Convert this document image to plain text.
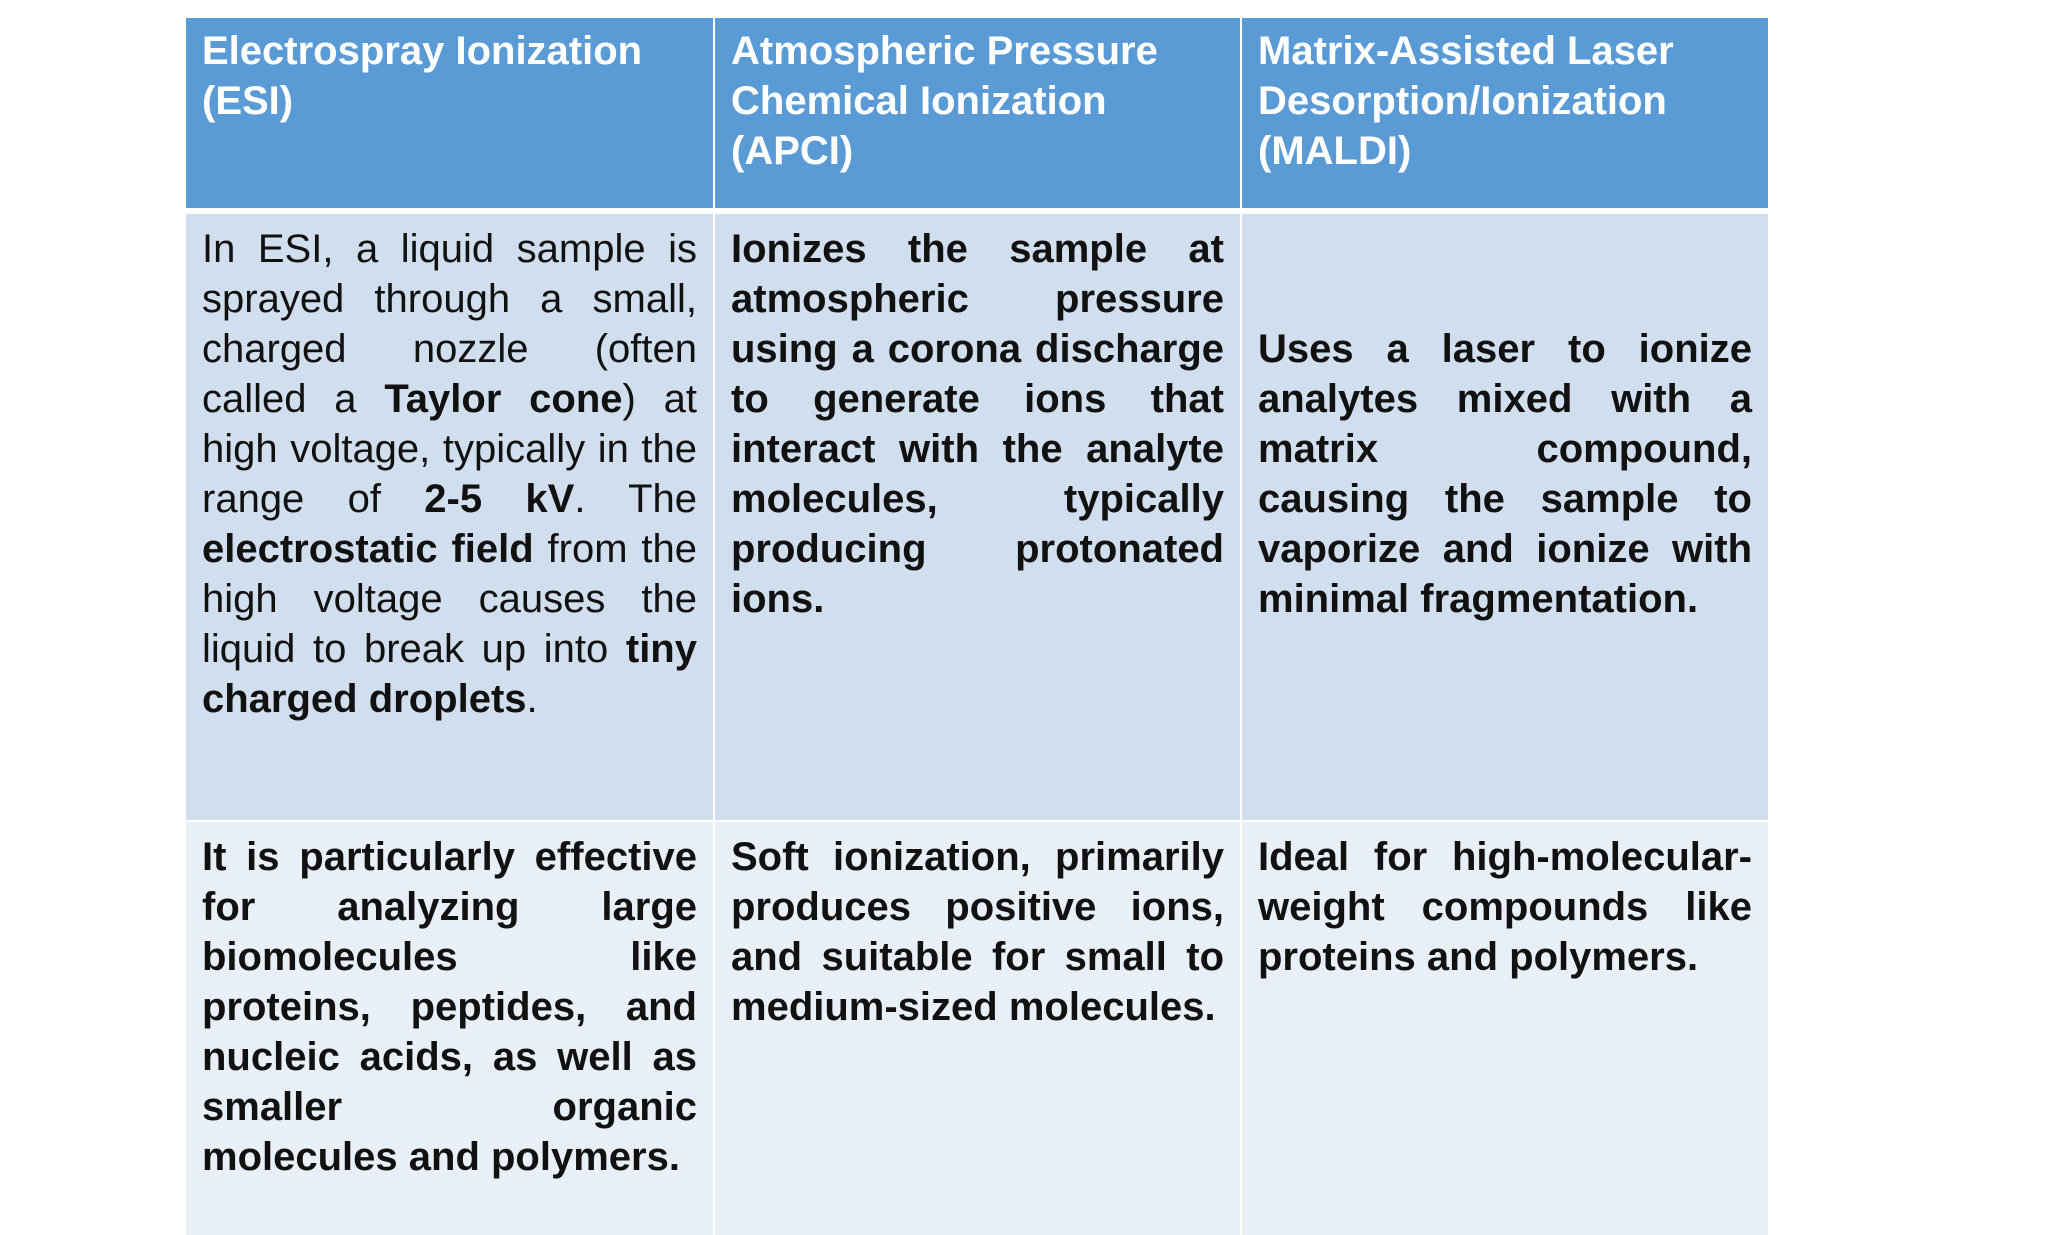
Electrospray Ionization (ESI)	Atmospheric Pressure Chemical Ionization (APCI)	Matrix-Assisted Laser Desorption/Ionization (MALDI)
In ESI, a liquid sample is sprayed through a small, charged nozzle (often called a Taylor cone) at high voltage, typically in the range of 2-5 kV. The electrostatic field from the high voltage causes the liquid to break up into tiny charged droplets.	Ionizes the sample at atmospheric pressure using a corona discharge to generate ions that interact with the analyte molecules, typically producing protonated ions.	Uses a laser to ionize analytes mixed with a matrix compound, causing the sample to vaporize and ionize with minimal fragmentation.
It is particularly effective for analyzing large biomolecules like proteins, peptides, and nucleic acids, as well as smaller organic molecules and polymers.	Soft ionization, primarily produces positive ions, and suitable for small to medium-sized molecules.	Ideal for high-molecular-weight compounds like proteins and polymers.
